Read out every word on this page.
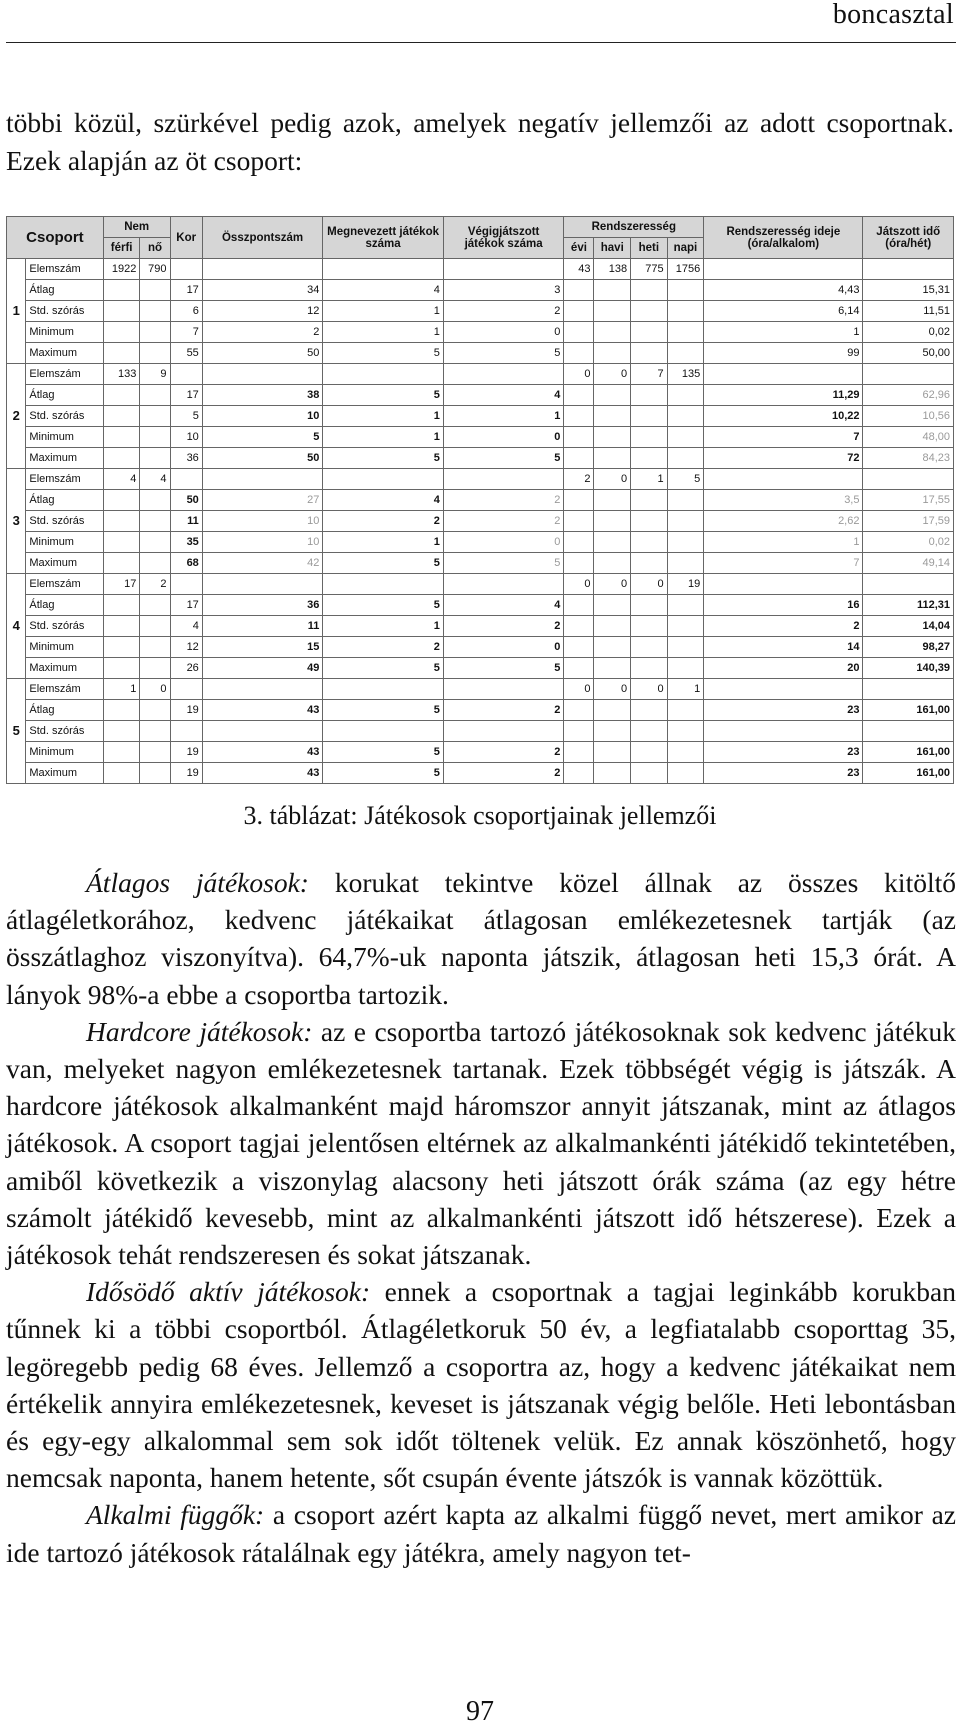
boncasztal
többi közül, szürkével pedig azok, amelyek negatív jellemzői az adott csoportnak. Ezek alapján az öt csoport:
Csoport		Nem		Kor	Összpontszám	Megnevezett játékok száma	Végigjátszott játékok száma	Rendszeresség				Rendszeresség ideje (óra/alkalom)	Játszott idő (óra/hét)
		férfi	nő					évi	havi	heti	napi		
1	Elemszám	1922	790					43	138	775	1756		
	Átlag			17	34	4	3					4,43	15,31
	Std. szórás			6	12	1	2					6,14	11,51
	Minimum			7	2	1	0					1	0,02
	Maximum			55	50	5	5					99	50,00
2	Elemszám	133	9					0	0	7	135		
	Átlag			17	38	5	4					11,29	62,96
	Std. szórás			5	10	1	1					10,22	10,56
	Minimum			10	5	1	0					7	48,00
	Maximum			36	50	5	5					72	84,23
3	Elemszám	4	4					2	0	1	5		
	Átlag			50	27	4	2					3,5	17,55
	Std. szórás			11	10	2	2					2,62	17,59
	Minimum			35	10	1	0					1	0,02
	Maximum			68	42	5	5					7	49,14
4	Elemszám	17	2					0	0	0	19		
	Átlag			17	36	5	4					16	112,31
	Std. szórás			4	11	1	2					2	14,04
	Minimum			12	15	2	0					14	98,27
	Maximum			26	49	5	5					20	140,39
5	Elemszám	1	0					0	0	0	1		
	Átlag			19	43	5	2					23	161,00
	Std. szórás												
	Minimum			19	43	5	2					23	161,00
	Maximum			19	43	5	2					23	161,00
3. táblázat: Játékosok csoportjainak jellemzői

Átlagos játékosok: korukat tekintve közel állnak az összes kitöltő átlagéletkorához, kedvenc játékaikat átlagosan emlékezetesnek tartják (az összátlaghoz viszonyítva). 64,7%-uk naponta játszik, átlagosan heti 15,3 órát. A lányok 98%-a ebbe a csoportba tartozik.

Hardcore játékosok: az e csoportba tartozó játékosoknak sok kedvenc játékuk van, melyeket nagyon emlékezetesnek tartanak. Ezek többségét végig is játszák. A hardcore játékosok alkalmanként majd háromszor annyit játszanak, mint az átlagos játékosok. A csoport tagjai jelentősen eltérnek az alkalmankénti játékidő tekintetében, amiből következik a viszonylag alacsony heti játszott órák száma (az egy hétre számolt játékidő kevesebb, mint az alkalmankénti játszott idő hétszerese). Ezek a játékosok tehát rendszeresen és sokat játszanak.

Idősödő aktív játékosok: ennek a csoportnak a tagjai leginkább korukban tűnnek ki a többi csoportból. Átlagéletkoruk 50 év, a legfiatalabb csoporttag 35, legöregebb pedig 68 éves. Jellemző a csoportra az, hogy a kedvenc játékaikat nem értékelik annyira emlékezetesnek, keveset is játszanak végig belőle. Heti lebontásban és egy-egy alkalommal sem sok időt töltenek velük. Ez annak köszönhető, hogy nemcsak naponta, hanem hetente, sőt csupán évente játszók is vannak közöttük.

Alkalmi függők: a csoport azért kapta az alkalmi függő nevet, mert amikor az ide tartozó játékosok rátalálnak egy játékra, amely nagyon tet-

97
